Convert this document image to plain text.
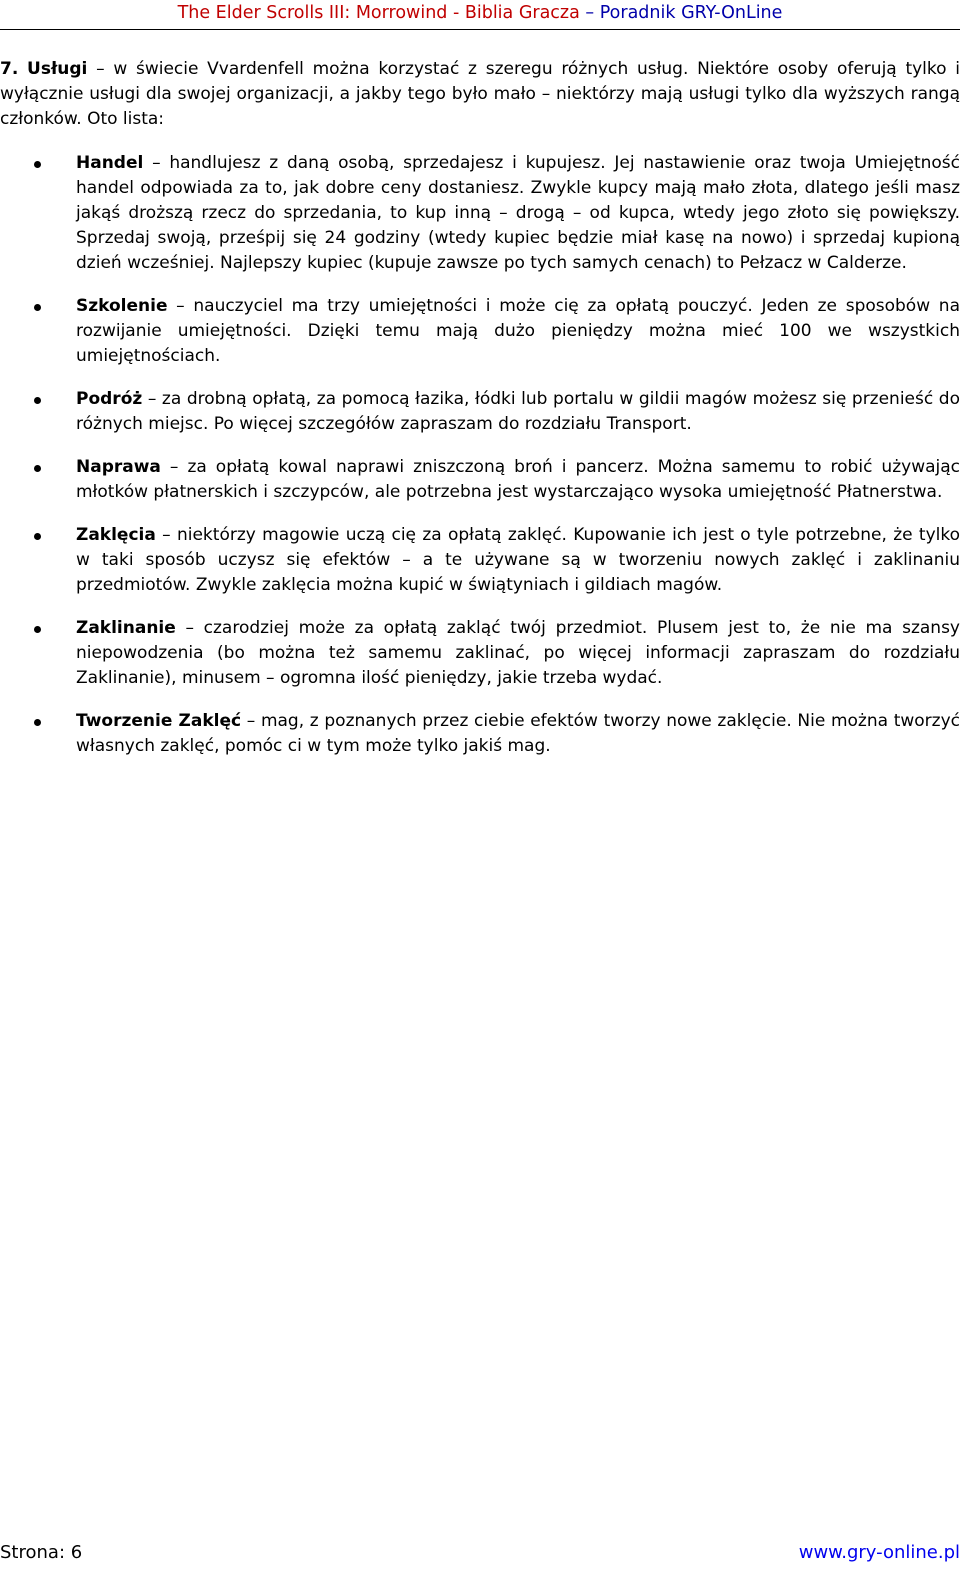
The Elder Scrolls III: Morrowind - Biblia Gracza – Poradnik GRY-OnLine

7. Usługi – w świecie Vvardenfell można korzystać z szeregu różnych usług. Niektóre osoby oferują tylko i wyłącznie usługi dla swojej organizacji, a jakby tego było mało – niektórzy mają usługi tylko dla wyższych rangą członków. Oto lista:

Handel – handlujesz z daną osobą, sprzedajesz i kupujesz. Jej nastawienie oraz twoja Umiejętność handel odpowiada za to, jak dobre ceny dostaniesz. Zwykle kupcy mają mało złota, dlatego jeśli masz jakąś droższą rzecz do sprzedania, to kup inną – drogą – od kupca, wtedy jego złoto się powiększy. Sprzedaj swoją, prześpij się 24 godziny (wtedy kupiec będzie miał kasę na nowo) i sprzedaj kupioną dzień wcześniej. Najlepszy kupiec (kupuje zawsze po tych samych cenach) to Pełzacz w Calderze.
Szkolenie – nauczyciel ma trzy umiejętności i może cię za opłatą pouczyć. Jeden ze sposobów na rozwijanie umiejętności. Dzięki temu mają dużo pieniędzy można mieć 100 we wszystkich umiejętnościach.
Podróż – za drobną opłatą, za pomocą łazika, łódki lub portalu w gildii magów możesz się przenieść do różnych miejsc. Po więcej szczegółów zapraszam do rozdziału Transport.
Naprawa – za opłatą kowal naprawi zniszczoną broń i pancerz. Można samemu to robić używając młotków płatnerskich i szczypców, ale potrzebna jest wystarczająco wysoka umiejętność Płatnerstwa.
Zaklęcia – niektórzy magowie uczą cię za opłatą zaklęć. Kupowanie ich jest o tyle potrzebne, że tylko w taki sposób uczysz się efektów – a te używane są w tworzeniu nowych zaklęć i zaklinaniu przedmiotów. Zwykle zaklęcia można kupić w świątyniach i gildiach magów.
Zaklinanie – czarodziej może za opłatą zakląć twój przedmiot. Plusem jest to, że nie ma szansy niepowodzenia (bo można też samemu zaklinać, po więcej informacji zapraszam do rozdziału Zaklinanie), minusem – ogromna ilość pieniędzy, jakie trzeba wydać.
Tworzenie Zaklęć – mag, z poznanych przez ciebie efektów tworzy nowe zaklęcie. Nie można tworzyć własnych zaklęć, pomóc ci w tym może tylko jakiś mag.
Strona: 6	www.gry-online.pl
